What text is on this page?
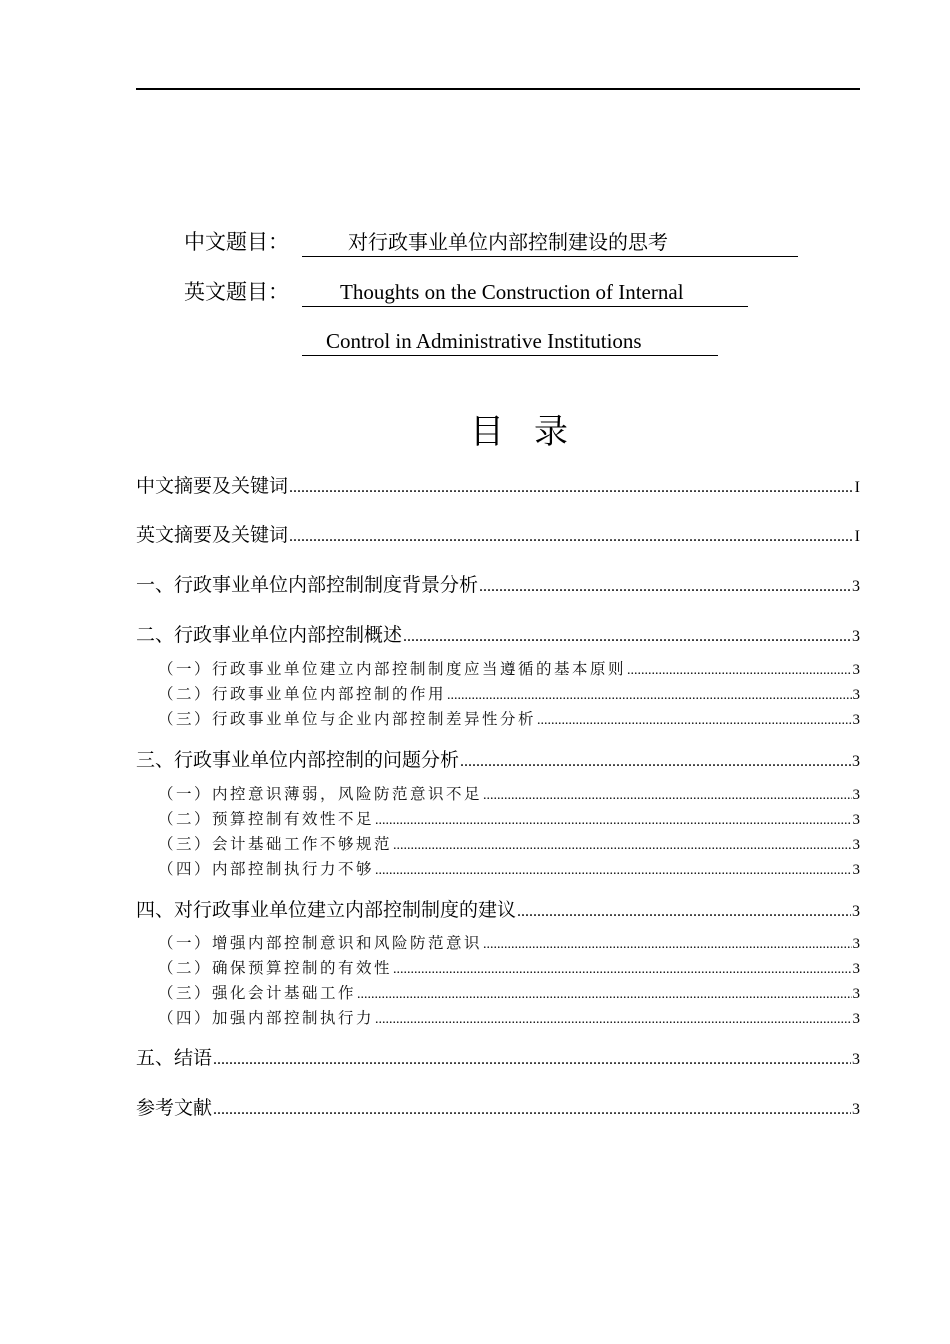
中文题目：	对行政事业单位内部控制建设的思考
英文题目：	Thoughts on the Construction of Internal
Control in Administrative Institutions
目录
中文摘要及关键词 .....	I
英文摘要及关键词 .....	I
一、行政事业单位内部控制制度背景分析 .....	3
二、行政事业单位内部控制概述 .....	3
（一）行政事业单位建立内部控制制度应当遵循的基本原则 .....	3
（二）行政事业单位内部控制的作用 .....	3
（三）行政事业单位与企业内部控制差异性分析 .....	3
三、行政事业单位内部控制的问题分析 .....	3
（一）内控意识薄弱，风险防范意识不足 .....	3
（二）预算控制有效性不足 .....	3
（三）会计基础工作不够规范 .....	3
（四）内部控制执行力不够 .....	3
四、对行政事业单位建立内部控制制度的建议 .....	3
（一）增强内部控制意识和风险防范意识 .....	3
（二）确保预算控制的有效性 .....	3
（三）强化会计基础工作 .....	3
（四）加强内部控制执行力 .....	3
五、结语 .....	3
参考文献 .....	3
